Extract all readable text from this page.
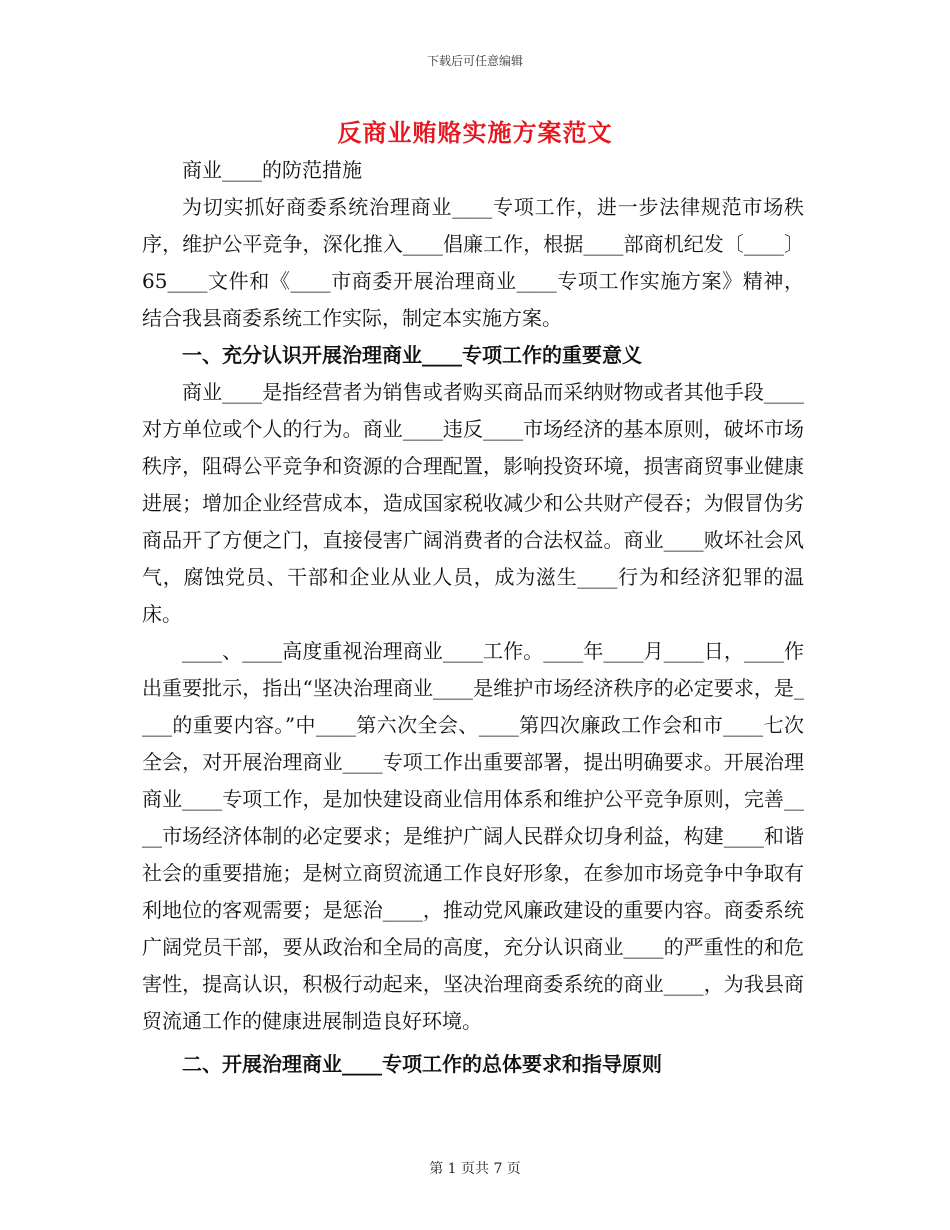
下载后可任意编辑
反商业贿赂实施方案范文

商业____的防范措施

为切实抓好商委系统治理商业____专项工作，进一步法律规范市场秩序，维护公平竞争，深化推入____倡廉工作，根据____部商机纪发〔____〕65____文件和《____市商委开展治理商业____专项工作实施方案》精神，结合我县商委系统工作实际，制定本实施方案。

一、充分认识开展治理商业____专项工作的重要意义

商业____是指经营者为销售或者购买商品而采纳财物或者其他手段____对方单位或个人的行为。商业____违反____市场经济的基本原则，破坏市场秩序，阻碍公平竞争和资源的合理配置，影响投资环境，损害商贸事业健康进展；增加企业经营成本，造成国家税收减少和公共财产侵吞；为假冒伪劣商品开了方便之门，直接侵害广阔消费者的合法权益。商业____败坏社会风气，腐蚀党员、干部和企业从业人员，成为滋生____行为和经济犯罪的温床。

____、____高度重视治理商业____工作。____年____月____日，____作出重要批示，指出“坚决治理商业____是维护市场经济秩序的必定要求，是____的重要内容。”中____第六次全会、____第四次廉政工作会和市____七次全会，对开展治理商业____专项工作出重要部署，提出明确要求。开展治理商业____专项工作，是加快建设商业信用体系和维护公平竞争原则，完善____市场经济体制的必定要求；是维护广阔人民群众切身利益，构建____和谐社会的重要措施；是树立商贸流通工作良好形象，在参加市场竞争中争取有利地位的客观需要；是惩治____，推动党风廉政建设的重要内容。商委系统广阔党员干部，要从政治和全局的高度，充分认识商业____的严重性的和危害性，提高认识，积极行动起来，坚决治理商委系统的商业____，为我县商贸流通工作的健康进展制造良好环境。

二、开展治理商业____专项工作的总体要求和指导原则

第 1 页共 7 页
